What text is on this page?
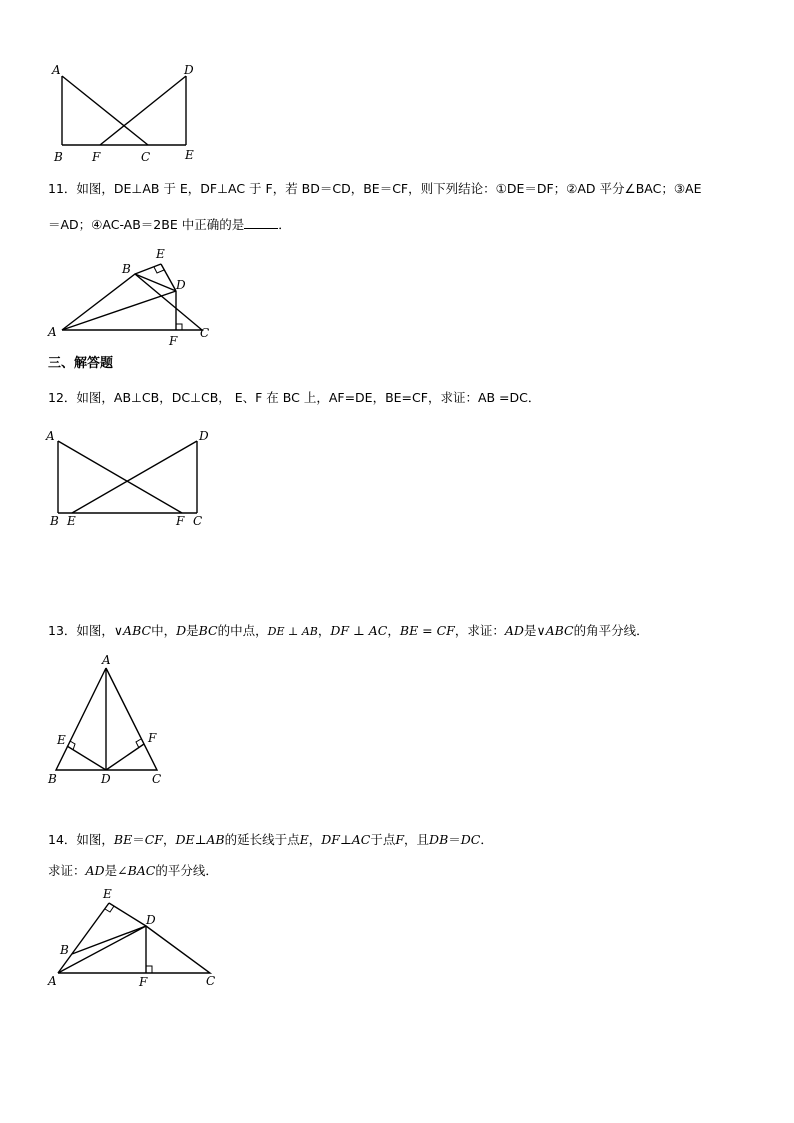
A
B F	C
D
E

11．如图，DE⊥AB 于 E，DF⊥AC 于 F，若 BD＝CD，BE＝CF，则下列结论：①DE＝DF；②AD 平分∠BAC；③AE

＝AD；④AC-AB＝2BE 中正确的是	．

A
B
E
D
F
C

三、解答题

12．如图，AB⊥CB，DC⊥CB， E、F 在 BC 上，AF=DE，BE=CF，求证：AB =DC．

A	D
B E	F C

13．如图，∨ABC中，D是BC的中点，DE ⊥ AB，DF ⊥ AC，BE = CF，求证：AD是∨ABC的角平分线．

A
E	F
B	D	C

14．如图，BE＝CF，DE⊥AB的延长线于点E，DF⊥AC于点F，且DB＝DC．

求证：AD是∠BAC的平分线．

E
D
B
A	F	C
